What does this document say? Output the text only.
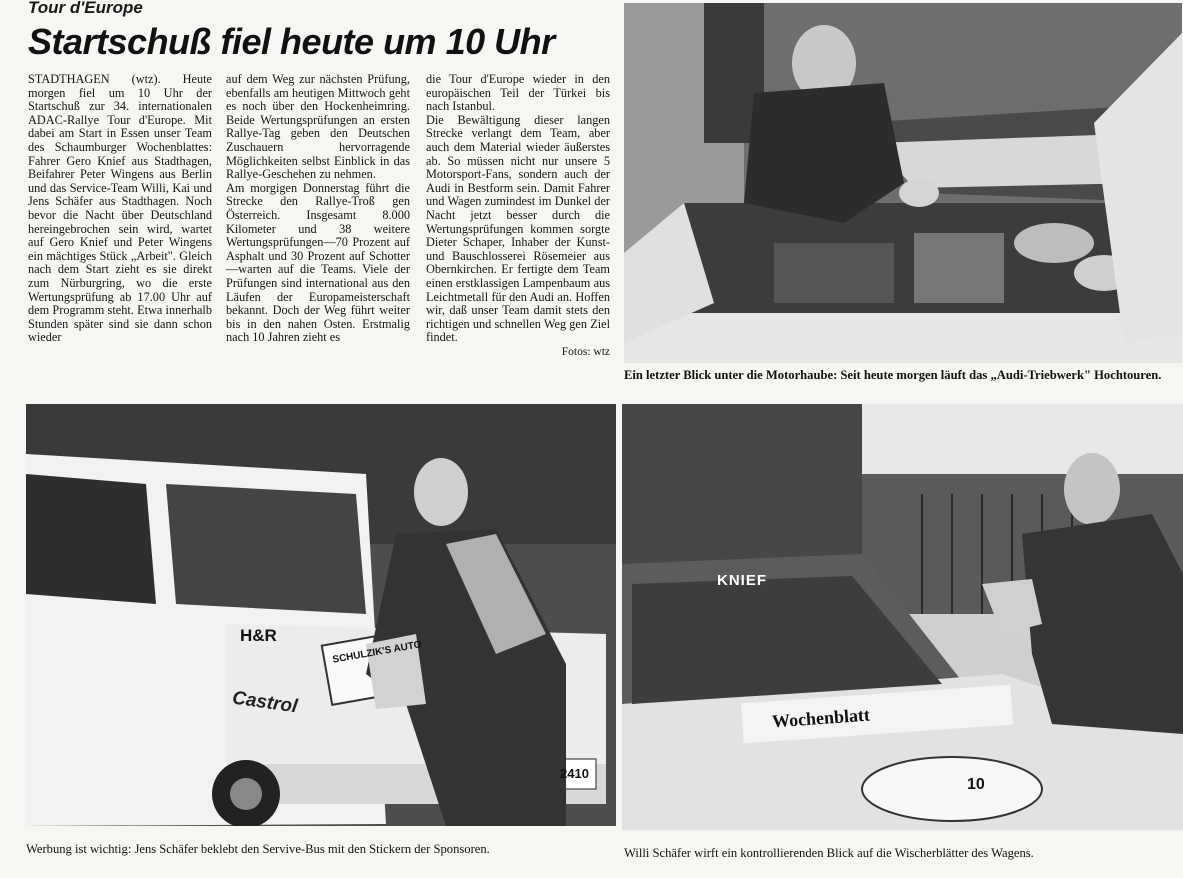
Tour d'Europe
Startschuß fiel heute um 10 Uhr

STADTHAGEN (wtz). Heute morgen fiel um 10 Uhr der Startschuß zur 34. internationalen ADAC-Rallye Tour d'Europe. Mit dabei am Start in Essen unser Team des Schaumburger Wochenblattes: Fahrer Gero Knief aus Stadthagen, Beifahrer Peter Wingens aus Berlin und das Service-Team Willi, Kai und Jens Schäfer aus Stadthagen. Noch bevor die Nacht über Deutschland hereingebrochen sein wird, wartet auf Gero Knief und Peter Wingens ein mächtiges Stück „Arbeit". Gleich nach dem Start zieht es sie direkt zum Nürburgring, wo die erste Wertungsprüfung ab 17.00 Uhr auf dem Programm steht. Etwa innerhalb Stunden später sind sie dann schon wieder

auf dem Weg zur nächsten Prüfung, ebenfalls am heutigen Mittwoch geht es noch über den Hockenheimring. Beide Wertungsprüfungen an ersten Rallye-Tag geben den Deutschen Zuschauern hervorragende Möglichkeiten selbst Einblick in das Rallye-Geschehen zu nehmen.

Am morgigen Donnerstag führt die Strecke den Rallye-Troß gen Österreich. Insgesamt 8.000 Kilometer und 38 weitere Wertungsprüfungen—70 Prozent auf Asphalt und 30 Prozent auf Schotter—warten auf die Teams. Viele der Prüfungen sind international aus den Läufen der Europameisterschaft bekannt. Doch der Weg führt weiter bis in den nahen Osten. Erstmalig nach 10 Jahren zieht es

die Tour d'Europe wieder in den europäischen Teil der Türkei bis nach Istanbul.

Die Bewältigung dieser langen Strecke verlangt dem Team, aber auch dem Material wieder äußerstes ab. So müssen nicht nur unsere 5 Motorsport-Fans, sondern auch der Audi in Bestform sein. Damit Fahrer und Wagen zumindest im Dunkel der Nacht jetzt besser durch die Wertungsprüfungen kommen sorgte Dieter Schaper, Inhaber der Kunst- und Bauschlosserei Rösemeier aus Obernkirchen. Er fertigte dem Team einen erstklassigen Lampenbaum aus Leichtmetall für den Audi an. Hoffen wir, daß unser Team damit stets den richtigen und schnellen Weg gen Ziel findet.

Fotos: wtz

Ein letzter Blick unter die Motorhaube: Seit heute morgen läuft das „Audi-Triebwerk" Hochtouren.
H&R
Castrol
SCHULZIK'S AUTO
2410
Werbung ist wichtig: Jens Schäfer beklebt den Servive-Bus mit den Stickern der Sponsoren.
KNIEF
Wochenblatt
10
Willi Schäfer wirft ein kontrollierenden Blick auf die Wischerblätter des Wagens.
